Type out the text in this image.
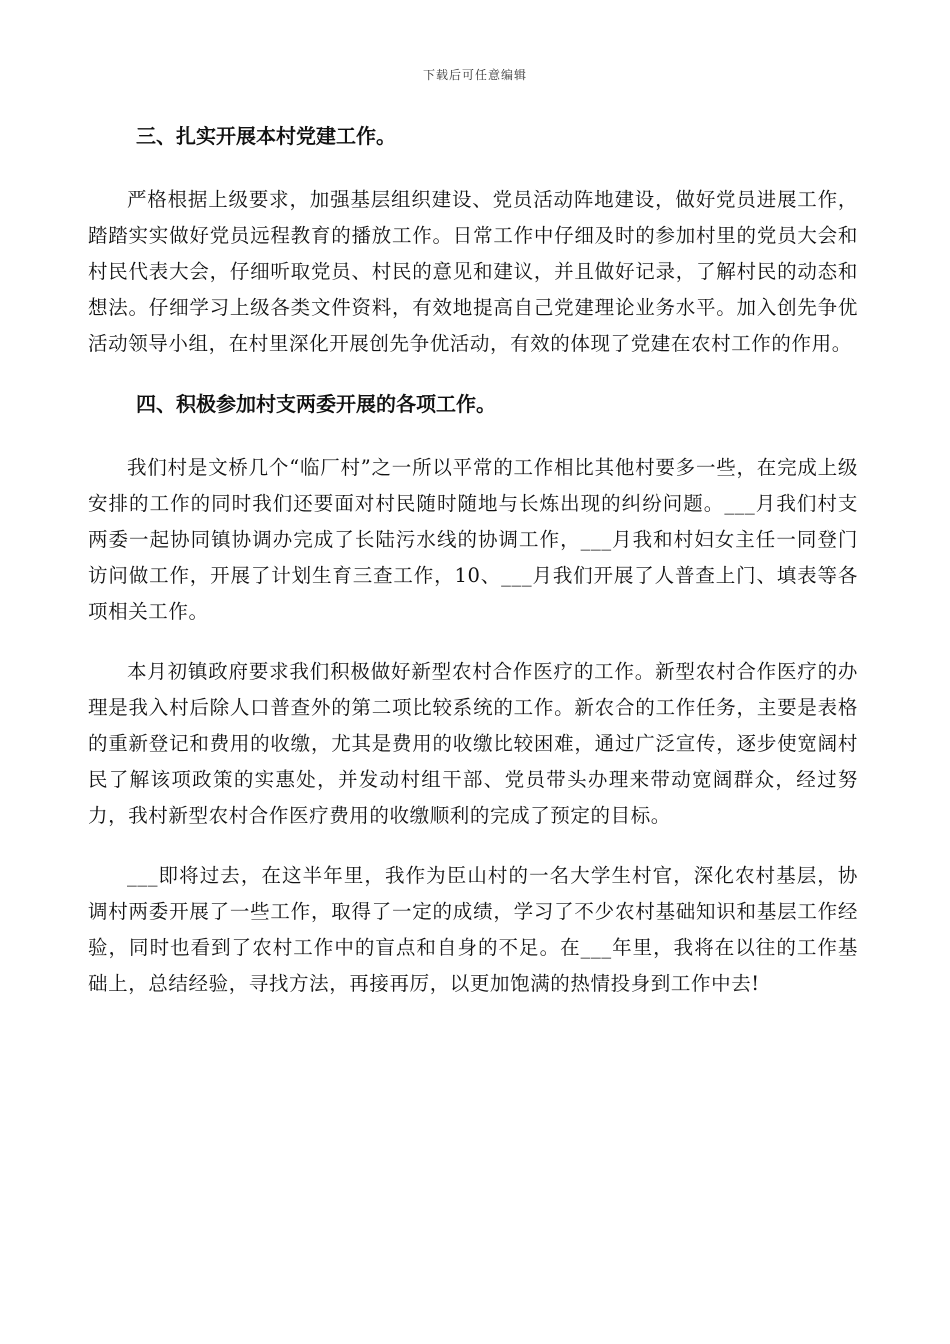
下载后可任意编辑
三、扎实开展本村党建工作。

严格根据上级要求，加强基层组织建设、党员活动阵地建设，做好党员进展工作，踏踏实实做好党员远程教育的播放工作。日常工作中仔细及时的参加村里的党员大会和村民代表大会，仔细听取党员、村民的意见和建议，并且做好记录，了解村民的动态和想法。仔细学习上级各类文件资料，有效地提高自己党建理论业务水平。加入创先争优活动领导小组，在村里深化开展创先争优活动，有效的体现了党建在农村工作的作用。

四、积极参加村支两委开展的各项工作。

我们村是文桥几个“临厂村”之一所以平常的工作相比其他村要多一些，在完成上级安排的工作的同时我们还要面对村民随时随地与长炼出现的纠纷问题。___月我们村支两委一起协同镇协调办完成了长陆污水线的协调工作，___月我和村妇女主任一同登门访问做工作，开展了计划生育三查工作，10、___月我们开展了人普查上门、填表等各项相关工作。

本月初镇政府要求我们积极做好新型农村合作医疗的工作。新型农村合作医疗的办理是我入村后除人口普查外的第二项比较系统的工作。新农合的工作任务，主要是表格的重新登记和费用的收缴，尤其是费用的收缴比较困难，通过广泛宣传，逐步使宽阔村民了解该项政策的实惠处，并发动村组干部、党员带头办理来带动宽阔群众，经过努力，我村新型农村合作医疗费用的收缴顺利的完成了预定的目标。

___即将过去，在这半年里，我作为臣山村的一名大学生村官，深化农村基层，协调村两委开展了一些工作，取得了一定的成绩，学习了不少农村基础知识和基层工作经验，同时也看到了农村工作中的盲点和自身的不足。在___年里，我将在以往的工作基础上，总结经验，寻找方法，再接再厉，以更加饱满的热情投身到工作中去!
